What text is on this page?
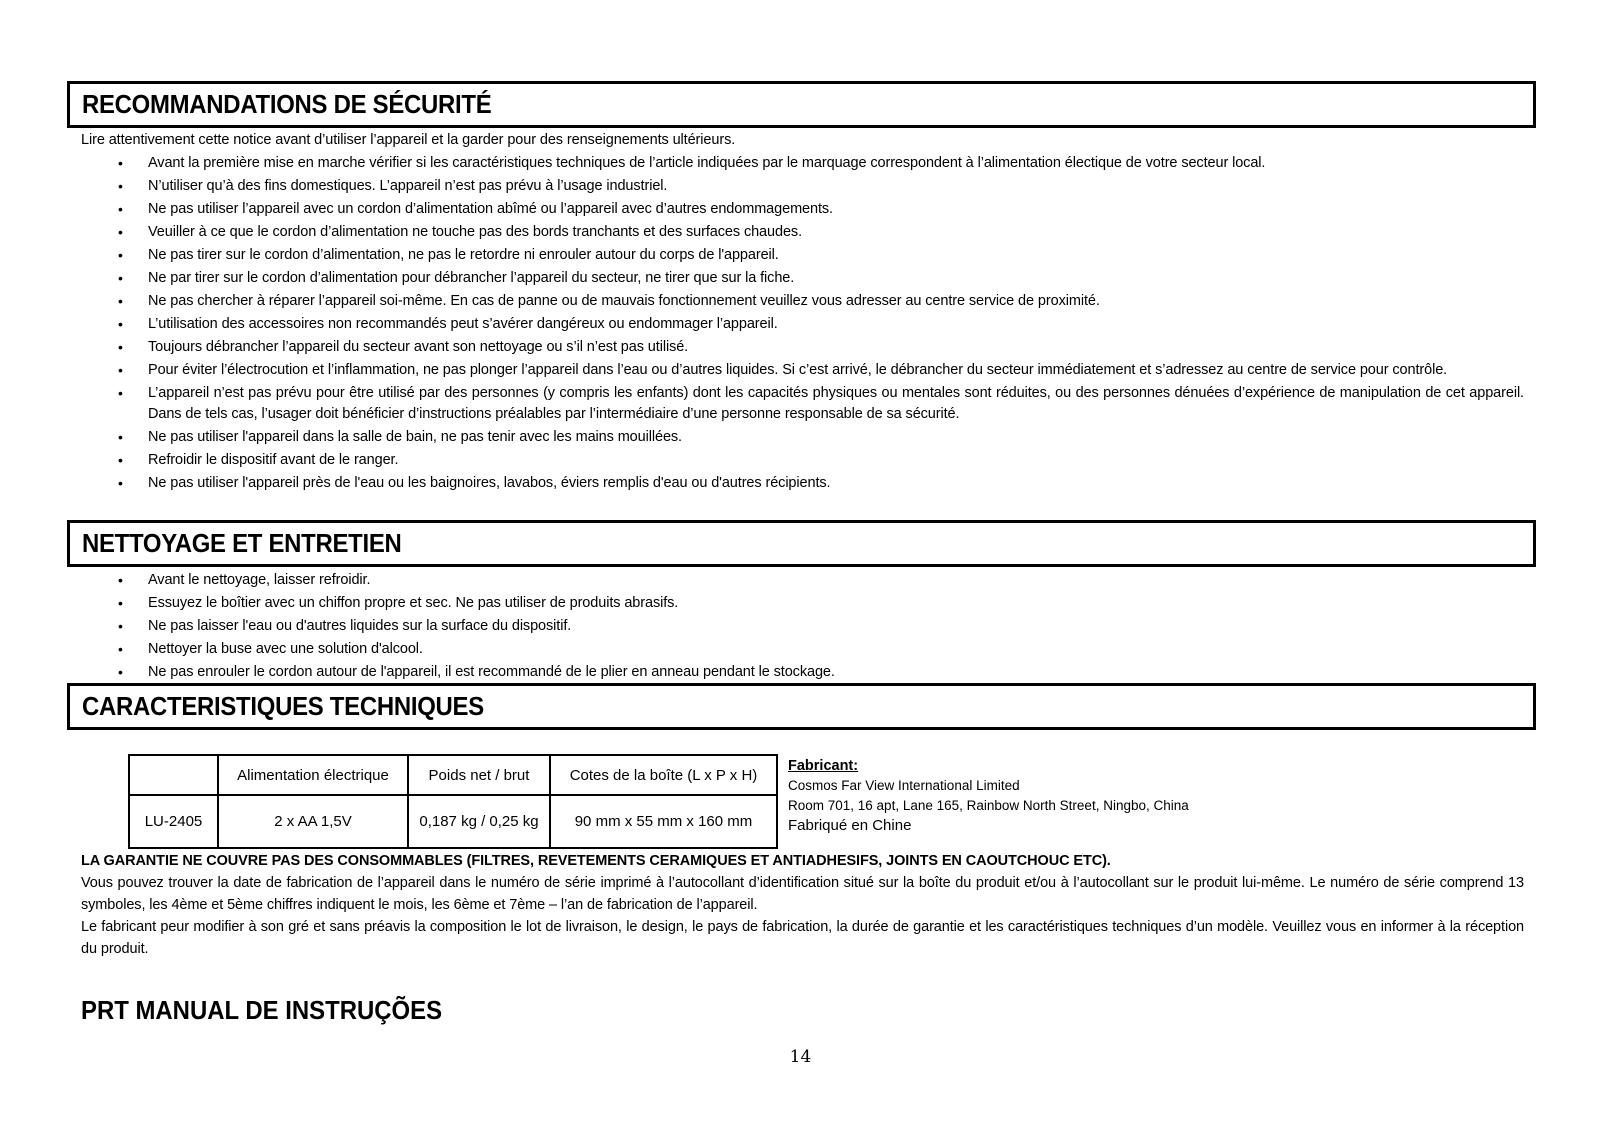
RECOMMANDATIONS DE SÉCURITÉ
Lire attentivement cette notice avant d’utiliser l’appareil et la garder pour des renseignements ultérieurs.
• Avant la première mise en marche vérifier si les caractéristiques techniques de l’article indiquées par le marquage correspondent à l’alimentation électique de votre secteur local.
• N’utiliser qu’à des fins domestiques. L’appareil n’est pas prévu à l’usage industriel.
• Ne pas utiliser l’appareil avec un cordon d’alimentation abîmé ou l’appareil avec d’autres endommagements.
• Veuiller à ce que le cordon d’alimentation ne touche pas des bords tranchants et des surfaces chaudes.
• Ne pas tirer sur le cordon d’alimentation, ne pas le retordre ni enrouler autour du corps de l'appareil.
• Ne par tirer sur le cordon d’alimentation pour débrancher l’appareil du secteur, ne tirer que sur la fiche.
• Ne pas chercher à réparer l’appareil soi-même. En cas de panne ou de mauvais fonctionnement veuillez vous adresser au centre service de proximité.
• L’utilisation des accessoires non recommandés peut s’avérer dangéreux ou endommager l’appareil.
• Toujours débrancher l’appareil du secteur avant son nettoyage ou s’il n’est pas utilisé.
• Pour éviter l’électrocution et l’inflammation, ne pas plonger l’appareil dans l’eau ou d’autres liquides. Si c’est arrivé, le débrancher du secteur immédiatement et s’adressez au centre de service pour contrôle.
• L’appareil n’est pas prévu pour être utilisé par des personnes (y compris les enfants) dont les capacités physiques ou mentales sont réduites, ou des personnes dénuées d’expérience de manipulation de cet appareil. Dans de tels cas, l’usager doit bénéficier d’instructions préalables par l’intermédiaire d’une personne responsable de sa sécurité.
• Ne pas utiliser l'appareil dans la salle de bain, ne pas tenir avec les mains mouillées.
• Refroidir le dispositif avant de le ranger.
• Ne pas utiliser l'appareil près de l'eau ou les baignoires, lavabos, éviers remplis d'eau ou d'autres récipients.
NETTOYAGE ET ENTRETIEN
• Avant le nettoyage, laisser refroidir.
• Essuyez le boîtier avec un chiffon propre et sec. Ne pas utiliser de produits abrasifs.
• Ne pas laisser l'eau ou d'autres liquides sur la surface du dispositif.
• Nettoyer la buse avec une solution d'alcool.
• Ne pas enrouler le cordon autour de l'appareil, il est recommandé de le plier en anneau pendant le stockage.
CARACTERISTIQUES TECHNIQUES
	Alimentation électrique	Poids net / brut	Cotes de la boîte (L x P x H)
LU-2405	2 x AA 1,5V	0,187 kg / 0,25 kg	90 mm x 55 mm x 160 mm
Fabricant:
Cosmos Far View International Limited
Room 701, 16 apt, Lane 165, Rainbow North Street, Ningbo, China
Fabriqué en Chine
LA GARANTIE NE COUVRE PAS DES CONSOMMABLES (FILTRES, REVETEMENTS CERAMIQUES ET ANTIADHESIFS, JOINTS EN CAOUTCHOUC ETC).
Vous pouvez trouver la date de fabrication de l’appareil dans le numéro de série imprimé à l’autocollant d’identification situé sur la boîte du produit et/ou à l’autocollant sur le produit lui-même. Le numéro de série comprend 13 symboles, les 4ème et 5ème chiffres indiquent le mois, les 6ème et 7ème – l’an de fabrication de l’appareil.
Le fabricant peur modifier à son gré et sans préavis la composition le lot de livraison, le design, le pays de fabrication, la durée de garantie et les caractéristiques techniques d’un modèle. Veuillez vous en informer à la réception du produit.
PRT MANUAL DE INSTRUÇÕES
14
